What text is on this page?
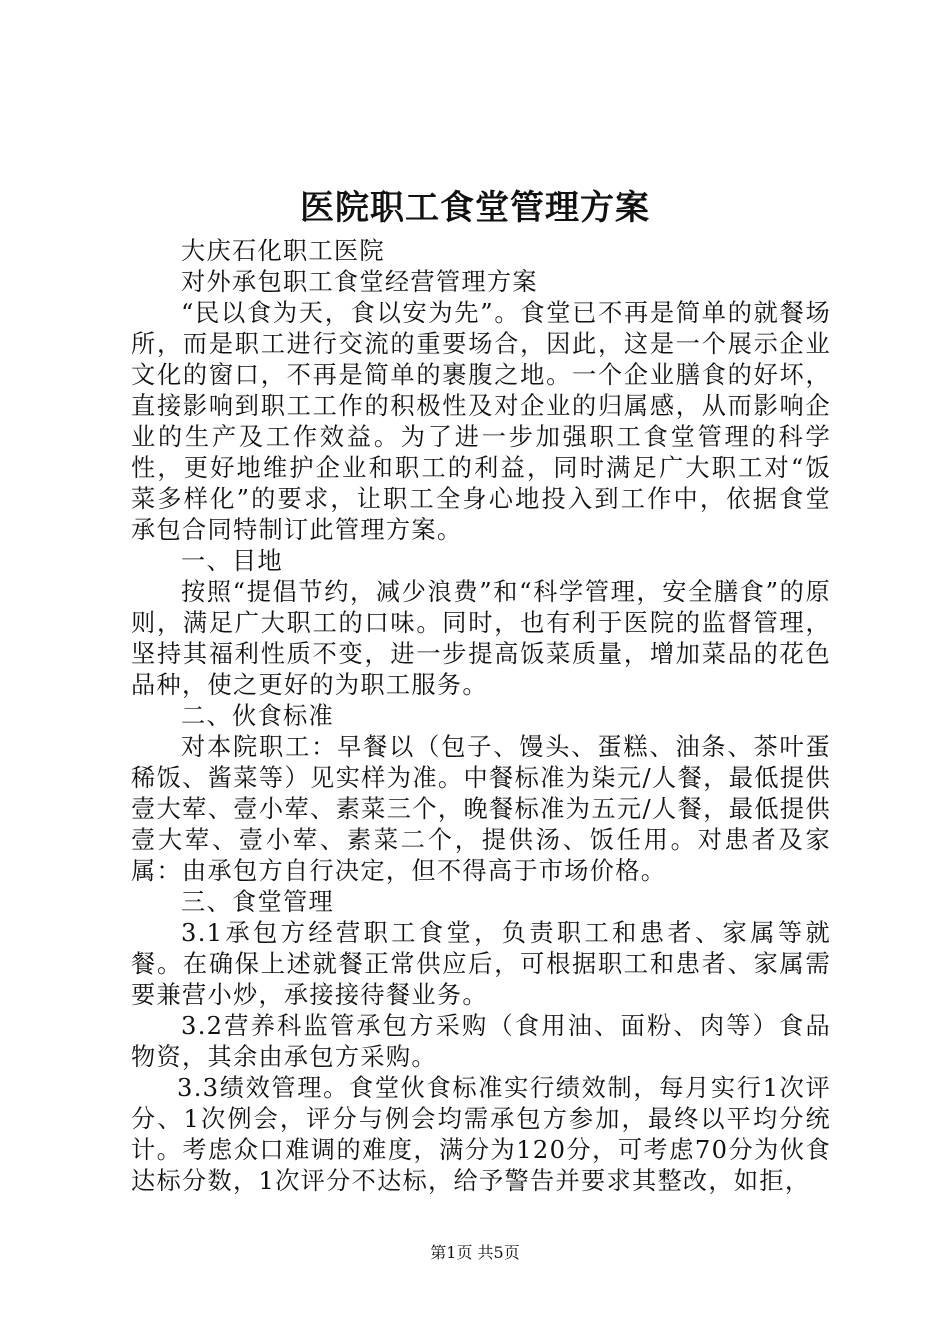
医院职工食堂管理方案

大庆石化职工医院

对外承包职工食堂经营管理方案

“民以食为天，食以安为先”。食堂已不再是简单的就餐场所，而是职工进行交流的重要场合，因此，这是一个展示企业文化的窗口，不再是简单的裹腹之地。一个企业膳食的好坏，直接影响到职工工作的积极性及对企业的归属感，从而影响企业的生产及工作效益。为了进一步加强职工食堂管理的科学性，更好地维护企业和职工的利益，同时满足广大职工对“饭菜多样化”的要求，让职工全身心地投入到工作中，依据食堂承包合同特制订此管理方案。

一、目地

按照“提倡节约，减少浪费”和“科学管理，安全膳食”的原则，满足广大职工的口味。同时，也有利于医院的监督管理，坚持其福利性质不变，进一步提高饭菜质量，增加菜品的花色品种，使之更好的为职工服务。

二、伙食标准

对本院职工：早餐以（包子、馒头、蛋糕、油条、茶叶蛋稀饭、酱菜等）见实样为准。中餐标准为柒元/人餐，最低提供壹大荤、壹小荤、素菜三个，晚餐标准为五元/人餐，最低提供壹大荤、壹小荤、素菜二个，提供汤、饭任用。对患者及家属：由承包方自行决定，但不得高于市场价格。

三、食堂管理

3.1承包方经营职工食堂，负责职工和患者、家属等就餐。在确保上述就餐正常供应后，可根据职工和患者、家属需要兼营小炒，承接接待餐业务。

3.2营养科监管承包方采购（食用油、面粉、肉等）食品物资，其余由承包方采购。

3.3绩效管理。食堂伙食标准实行绩效制，每月实行1次评分、1次例会，评分与例会均需承包方参加，最终以平均分统计。考虑众口难调的难度，满分为120分，可考虑70分为伙食达标分数，1次评分不达标，给予警告并要求其整改，如拒，

第1页 共5页
